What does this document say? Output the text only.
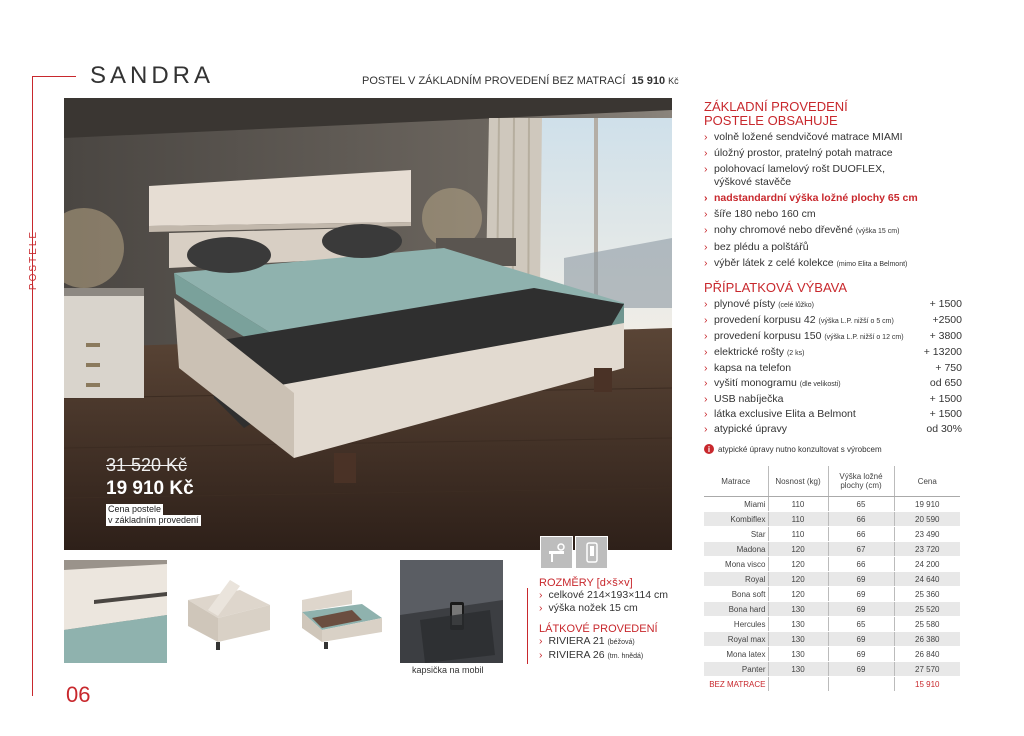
POSTELE
06
SANDRA	POSTEL V ZÁKLADNÍM PROVEDENÍ BEZ MATRACÍ 15 910 Kč
31 520 Kč
19 910 Kč
Cena postele
v základním provedení
kapsička na mobil
ROZMĚRY [d×š×v]
› celkové 214×193×114 cm
› výška nožek 15 cm
LÁTKOVÉ PROVEDENÍ
› RIVIERA 21 (béžová)
› RIVIERA 26 (tm. hnědá)
ZÁKLADNÍ PROVEDENÍ
POSTELE OBSAHUJE
› volně ložené sendvičové matrace MIAMI
› úložný prostor, pratelný potah matrace
› polohovací lamelový rošt DUOFLEX,
výškové stavěče
› nadstandardní výška ložné plochy 65 cm
› šíře 180 nebo 160 cm
› nohy chromové nebo dřevěné (výška 15 cm)
› bez plédu a polštářů
› výběr látek z celé kolekce (mimo Elita a Belmont)
PŘÍPLATKOVÁ VÝBAVA
› plynové písty (celé lůžko)	+ 1500
› provedení korpusu 42 (výška L.P. nižší o 5 cm)	+2500
› provedení korpusu 150 (výška L.P. nižší o 12 cm) + 3800
› elektrické rošty (2 ks)	+ 13200
› kapsa na telefon	+ 750
› vyšití monogramu (dle velikosti)	od 650
› USB nabíječka	+ 1500
› látka exclusive Elita a Belmont	+ 1500
› atypické úpravy	od 30%
i atypické úpravy nutno konzultovat s výrobcem
Matrace	Nosnost (kg)	Výška ložné plochy (cm)	Cena
Miami	110	65	19 910
Kombiflex	110	66	20 590
Star	110	66	23 490
Madona	120	67	23 720
Mona visco	120	66	24 200
Royal	120	69	24 640
Bona soft	120	69	25 360
Bona hard	130	69	25 520
Hercules	130	65	25 580
Royal max	130	69	26 380
Mona latex	130	69	26 840
Panter	130	69	27 570
BEZ MATRACE			15 910
